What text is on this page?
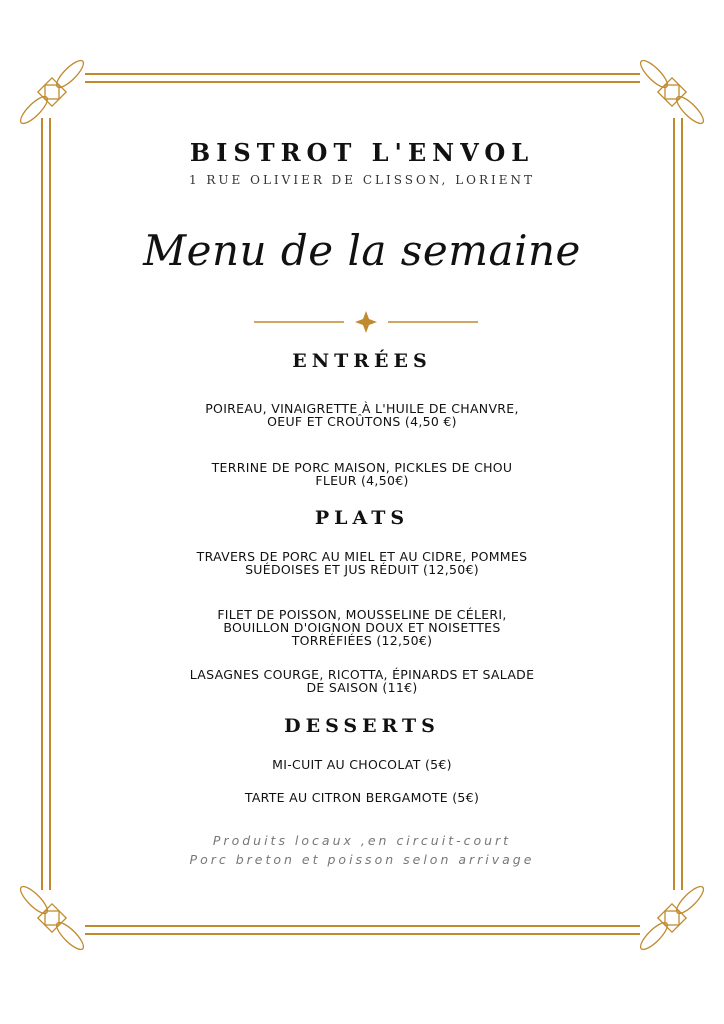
BISTROT L'ENVOL
1 RUE OLIVIER DE CLISSON, LORIENT
Menu de la semaine
ENTRÉES
POIREAU, VINAIGRETTE À L'HUILE DE CHANVRE, OEUF ET CROÛTONS (4,50 €)
TERRINE DE PORC MAISON, PICKLES DE CHOU FLEUR (4,50€)
PLATS
TRAVERS DE PORC AU MIEL ET AU CIDRE, POMMES SUÉDOISES ET JUS RÉDUIT (12,50€)
FILET DE POISSON, MOUSSELINE DE CÉLERI, BOUILLON D'OIGNON DOUX ET NOISETTES TORRÉFIÉES (12,50€)
LASAGNES COURGE, RICOTTA, ÉPINARDS ET SALADE DE SAISON (11€)
DESSERTS
MI-CUIT AU CHOCOLAT (5€)
TARTE AU CITRON BERGAMOTE (5€)
Produits locaux ,en circuit-court
Porc breton et poisson selon arrivage
